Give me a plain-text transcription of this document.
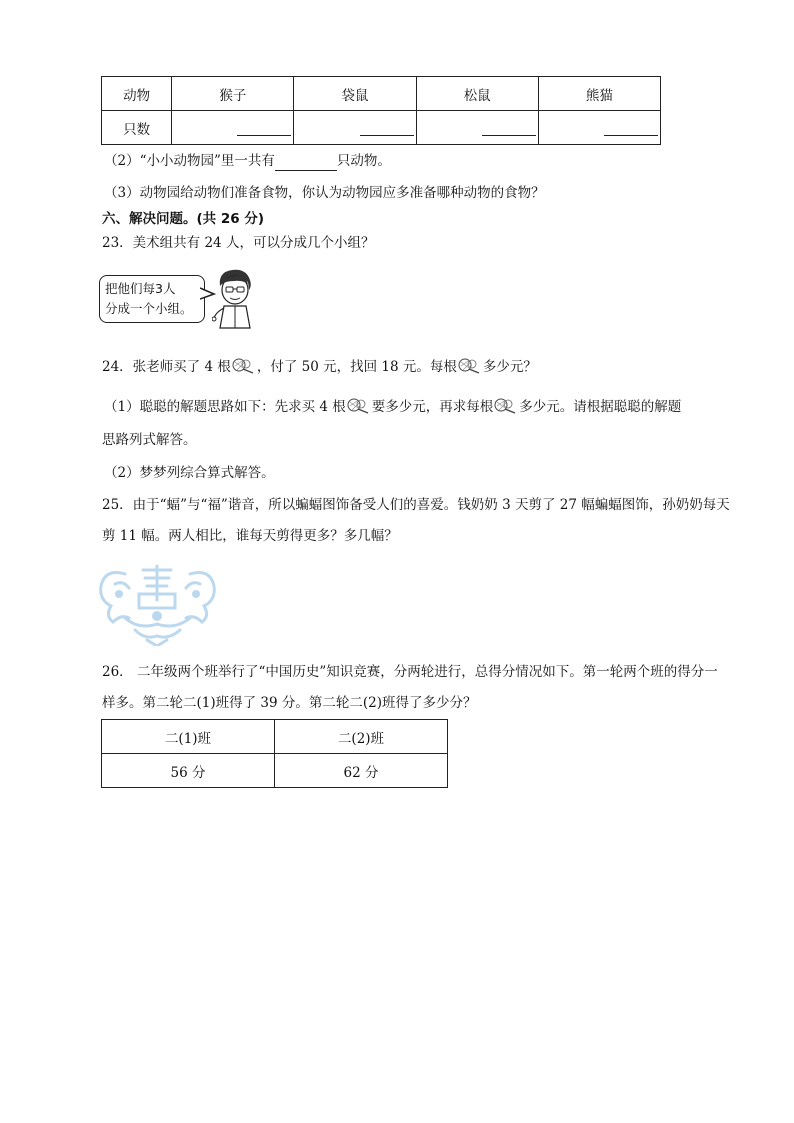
动物	猴子	袋鼠	松鼠	熊猫
只数				
（2）“小小动物园”里一共有	只动物。
（3）动物园给动物们准备食物，你认为动物园应多准备哪种动物的食物？
六、解决问题。(共 26 分)
23．美术组共有 24 人，可以分成几个小组？
把他们每3人
分成一个小组。
24．张老师买了 4 根 ，付了 50 元，找回 18 元。每根 多少元？
（1）聪聪的解题思路如下：先求买 4 根 要多少元，再求每根 多少元。请根据聪聪的解题
思路列式解答。
（2）梦梦列综合算式解答。
25．由于“蝠”与“福”谐音，所以蝙蝠图饰备受人们的喜爱。钱奶奶 3 天剪了 27 幅蝙蝠图饰，孙奶奶每天
剪 11 幅。两人相比，谁每天剪得更多？多几幅？
26． 二年级两个班举行了“中国历史”知识竞赛，分两轮进行，总得分情况如下。第一轮两个班的得分一
样多。第二轮二(1)班得了 39 分。第二轮二(2)班得了多少分？
二(1)班	二(2)班
56 分	62 分
